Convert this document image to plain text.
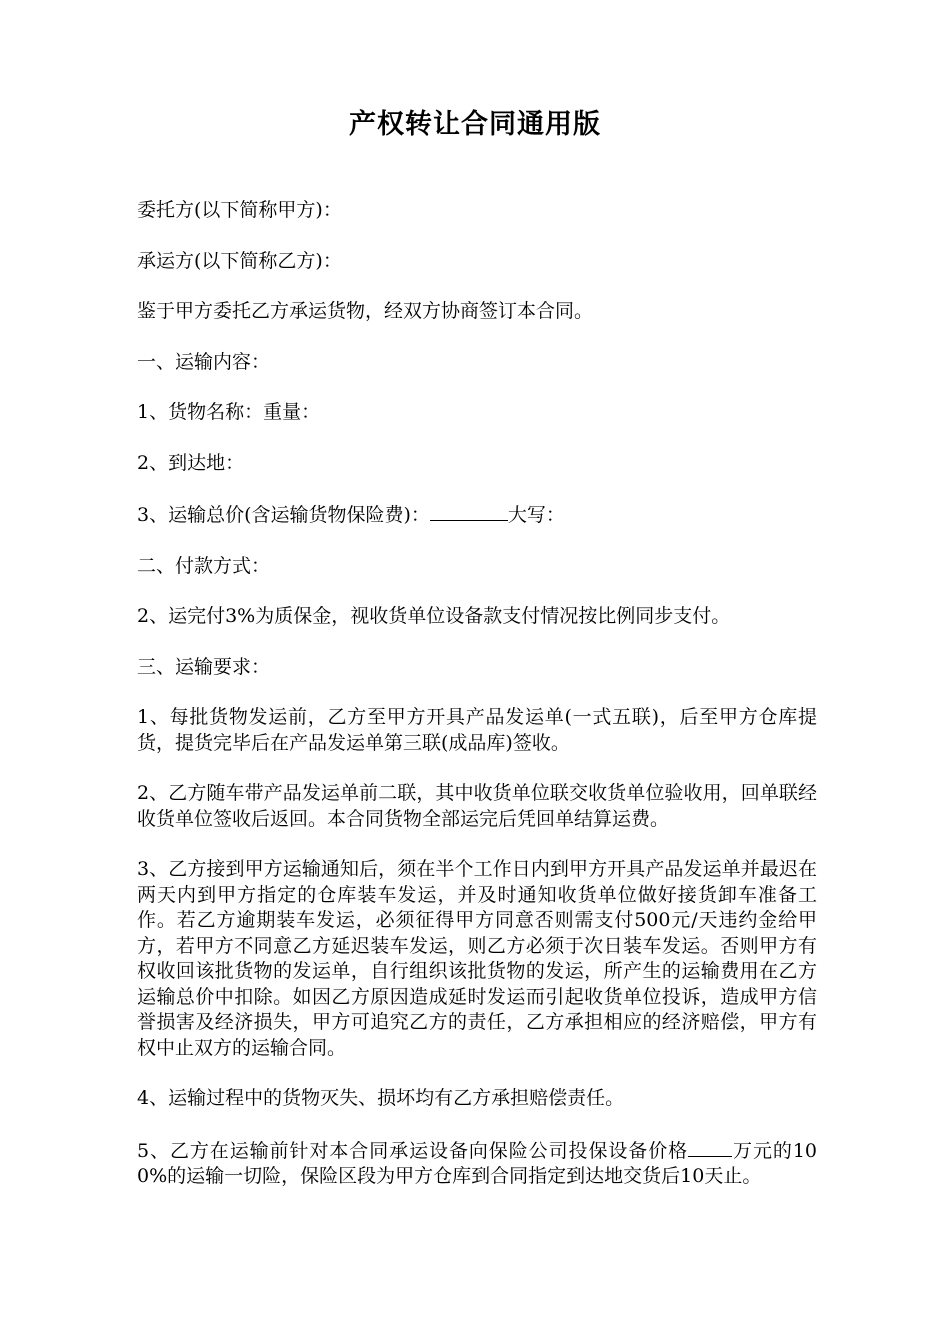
产权转让合同通用版

委托方(以下简称甲方)：

承运方(以下简称乙方)：

鉴于甲方委托乙方承运货物，经双方协商签订本合同。

一、运输内容：

1、货物名称：重量：

2、到达地：

3、运输总价(含运输货物保险费)：	大写：

二、付款方式：

2、运完付3%为质保金，视收货单位设备款支付情况按比例同步支付。

三、运输要求：

1、每批货物发运前，乙方至甲方开具产品发运单(一式五联)，后至甲方仓库提货，提货完毕后在产品发运单第三联(成品库)签收。

2、乙方随车带产品发运单前二联，其中收货单位联交收货单位验收用，回单联经收货单位签收后返回。本合同货物全部运完后凭回单结算运费。

3、乙方接到甲方运输通知后，须在半个工作日内到甲方开具产品发运单并最迟在两天内到甲方指定的仓库装车发运，并及时通知收货单位做好接货卸车准备工作。若乙方逾期装车发运，必须征得甲方同意否则需支付500元/天违约金给甲方，若甲方不同意乙方延迟装车发运，则乙方必须于次日装车发运。否则甲方有权收回该批货物的发运单，自行组织该批货物的发运，所产生的运输费用在乙方运输总价中扣除。如因乙方原因造成延时发运而引起收货单位投诉，造成甲方信誉损害及经济损失，甲方可追究乙方的责任，乙方承担相应的经济赔偿，甲方有权中止双方的运输合同。

4、运输过程中的货物灭失、损坏均有乙方承担赔偿责任。

5、乙方在运输前针对本合同承运设备向保险公司投保设备价格 万元的100%的运输一切险，保险区段为甲方仓库到合同指定到达地交货后10天止。
